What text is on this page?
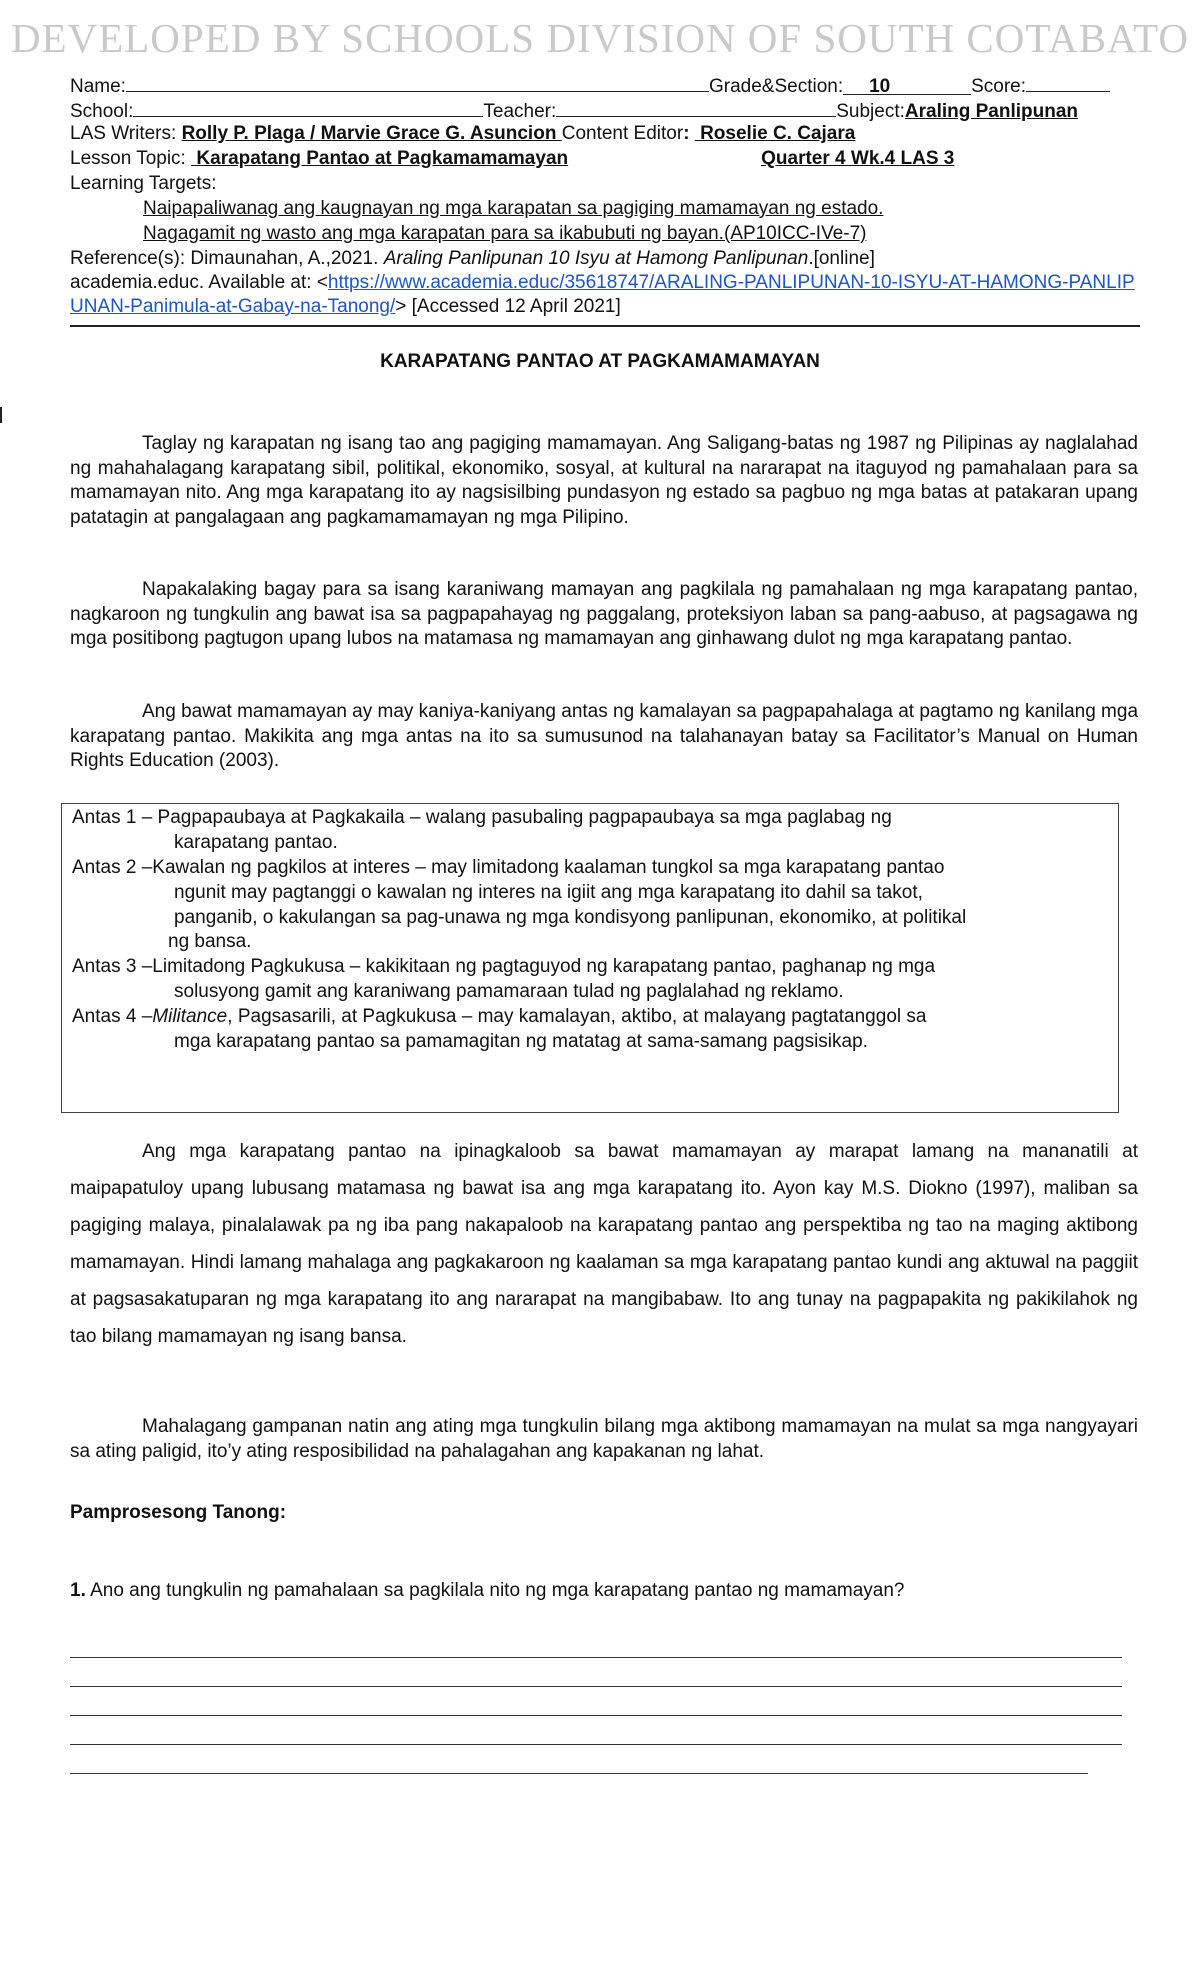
DEVELOPED BY SCHOOLS DIVISION OF SOUTH COTABATO
Name:	Grade&Section: 10	Score:
School:	Teacher:	Subject:Araling Panlipunan
LAS Writers: Rolly P. Plaga / Marvie Grace G. Asuncion Content Editor:  Roselie C. Cajara
Lesson Topic:  Karapatang Pantao at Pagkamamamayan	Quarter 4 Wk.4 LAS 3
Learning Targets:
Naipapaliwanag ang kaugnayan ng mga karapatan sa pagiging mamamayan ng estado.
Nagagamit ng wasto ang mga karapatan para sa ikabubuti ng bayan.(AP10ICC-IVe-7)
Reference(s): Dimaunahan, A.,2021. Araling Panlipunan 10 Isyu at Hamong Panlipunan.[online]
academia.educ. Available at: <https://www.academia.educ/35618747/ARALING-PANLIPUNAN-10-ISYU-AT-HAMONG-PANLIPUNAN-Panimula-at-Gabay-na-Tanong/> [Accessed 12 April 2021]
KARAPATANG PANTAO AT PAGKAMAMAMAYAN
Taglay ng karapatan ng isang tao ang pagiging mamamayan. Ang Saligang-batas ng 1987 ng Pilipinas ay naglalahad ng mahahalagang karapatang sibil, politikal, ekonomiko, sosyal, at kultural na nararapat na itaguyod ng pamahalaan para sa mamamayan nito. Ang mga karapatang ito ay nagsisilbing pundasyon ng estado sa pagbuo ng mga batas at patakaran upang patatagin at pangalagaan ang pagkamamamayan ng mga Pilipino.
Napakalaking bagay para sa isang karaniwang mamayan ang pagkilala ng pamahalaan ng mga karapatang pantao, nagkaroon ng tungkulin ang bawat isa sa pagpapahayag ng paggalang, proteksiyon laban sa pang-aabuso, at pagsagawa ng mga positibong pagtugon upang lubos na matamasa ng mamamayan ang ginhawang dulot ng mga karapatang pantao.
Ang bawat mamamayan ay may kaniya-kaniyang antas ng kamalayan sa pagpapahalaga at pagtamo ng kanilang mga karapatang pantao. Makikita ang mga antas na ito sa sumusunod na talahanayan batay sa Facilitator’s Manual on Human Rights Education (2003).
Antas 1 – Pagpapaubaya at Pagkakaila – walang pasubaling pagpapaubaya sa mga paglabag ng
karapatang pantao.
Antas 2 –Kawalan ng pagkilos at interes – may limitadong kaalaman tungkol sa mga karapatang pantao
ngunit may pagtanggi o kawalan ng interes na igiit ang mga karapatang ito dahil sa takot,
panganib, o kakulangan sa pag-unawa ng mga kondisyong panlipunan, ekonomiko, at politikal
ng bansa.
Antas 3 –Limitadong Pagkukusa – kakikitaan ng pagtaguyod ng karapatang pantao, paghanap ng mga
solusyong gamit ang karaniwang pamamaraan tulad ng paglalahad ng reklamo.
Antas 4 –Militance, Pagsasarili, at Pagkukusa – may kamalayan, aktibo, at malayang pagtatanggol sa
mga karapatang pantao sa pamamagitan ng matatag at sama-samang pagsisikap.
Ang mga karapatang pantao na ipinagkaloob sa bawat mamamayan ay marapat lamang na mananatili at maipapatuloy upang lubusang matamasa ng bawat isa ang mga karapatang ito. Ayon kay M.S. Diokno (1997), maliban sa pagiging malaya, pinalalawak pa ng iba pang nakapaloob na karapatang pantao ang perspektiba ng tao na maging aktibong mamamayan. Hindi lamang mahalaga ang pagkakaroon ng kaalaman sa mga karapatang pantao kundi ang aktuwal na paggiit at pagsasakatuparan ng mga karapatang ito ang nararapat na mangibabaw. Ito ang tunay na pagpapakita ng pakikilahok ng tao bilang mamamayan ng isang bansa.
Mahalagang gampanan natin ang ating mga tungkulin bilang mga aktibong mamamayan na mulat sa mga nangyayari sa ating paligid, ito’y ating resposibilidad na pahalagahan ang kapakanan ng lahat.
Pamprosesong Tanong:
1. Ano ang tungkulin ng pamahalaan sa pagkilala nito ng mga karapatang pantao ng mamamayan?
